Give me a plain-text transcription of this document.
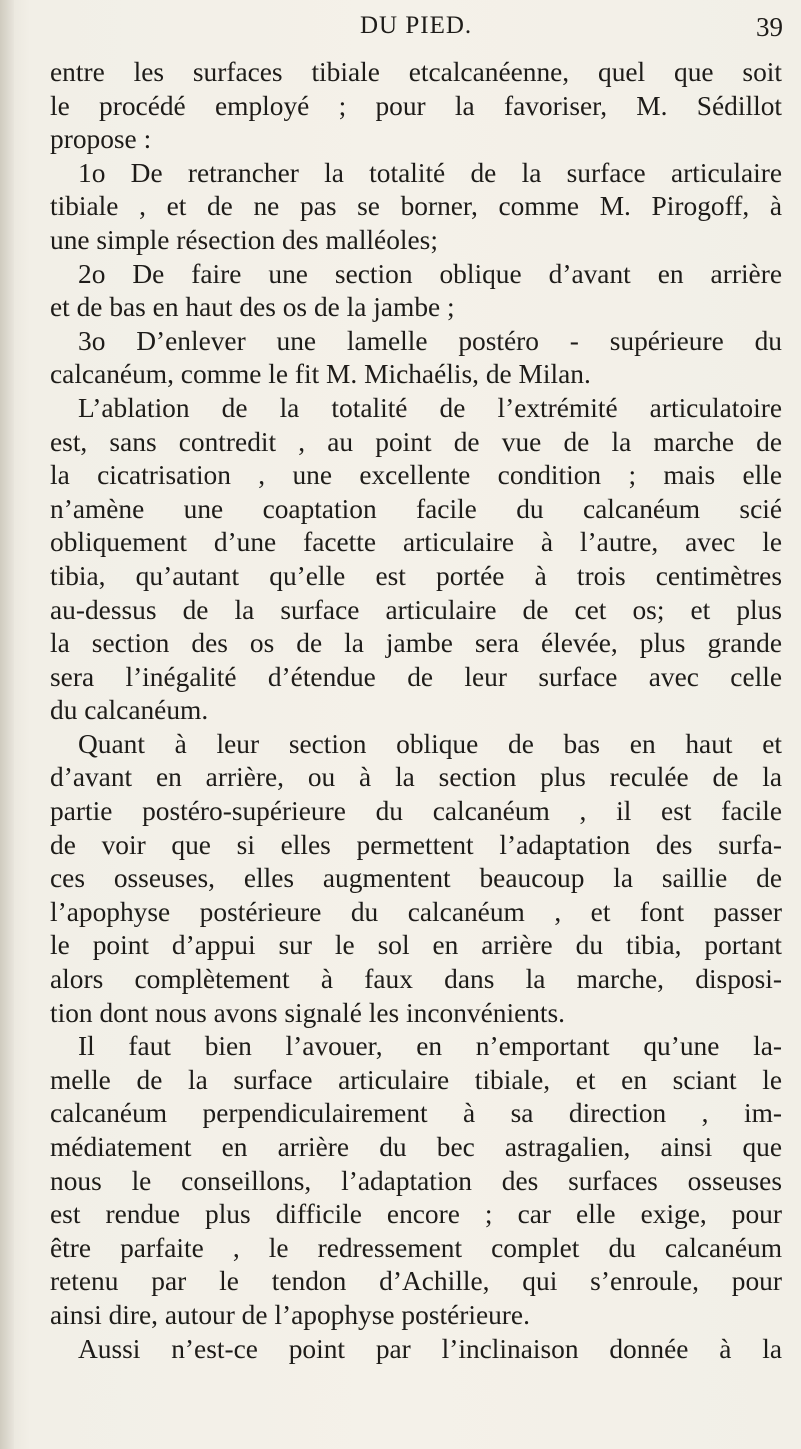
DU PIED.	39
entre les surfaces tibiale etcalcanéenne, quel que soit
le procédé employé ; pour la favoriser, M. Sédillot
propose :
1o De retrancher la totalité de la surface articulaire
tibiale , et de ne pas se borner, comme M. Pirogoff, à
une simple résection des malléoles;
2o De faire une section oblique d’avant en arrière
et de bas en haut des os de la jambe ;
3o D’enlever une lamelle postéro - supérieure du
calcanéum, comme le fit M. Michaélis, de Milan.
L’ablation de la totalité de l’extrémité articulatoire
est, sans contredit , au point de vue de la marche de
la cicatrisation , une excellente condition ; mais elle
n’amène une coaptation facile du calcanéum scié
obliquement d’une facette articulaire à l’autre, avec le
tibia, qu’autant qu’elle est portée à trois centimètres
au-dessus de la surface articulaire de cet os; et plus
la section des os de la jambe sera élevée, plus grande
sera l’inégalité d’étendue de leur surface avec celle
du calcanéum.
Quant à leur section oblique de bas en haut et
d’avant en arrière, ou à la section plus reculée de la
partie postéro-supérieure du calcanéum , il est facile
de voir que si elles permettent l’adaptation des surfa-
ces osseuses, elles augmentent beaucoup la saillie de
l’apophyse postérieure du calcanéum , et font passer
le point d’appui sur le sol en arrière du tibia, portant
alors complètement à faux dans la marche, disposi-
tion dont nous avons signalé les inconvénients.
Il faut bien l’avouer, en n’emportant qu’une la-
melle de la surface articulaire tibiale, et en sciant le
calcanéum perpendiculairement à sa direction , im-
médiatement en arrière du bec astragalien, ainsi que
nous le conseillons, l’adaptation des surfaces osseuses
est rendue plus difficile encore ; car elle exige, pour
être parfaite , le redressement complet du calcanéum
retenu par le tendon d’Achille, qui s’enroule, pour
ainsi dire, autour de l’apophyse postérieure.
Aussi n’est-ce point par l’inclinaison donnée à la
